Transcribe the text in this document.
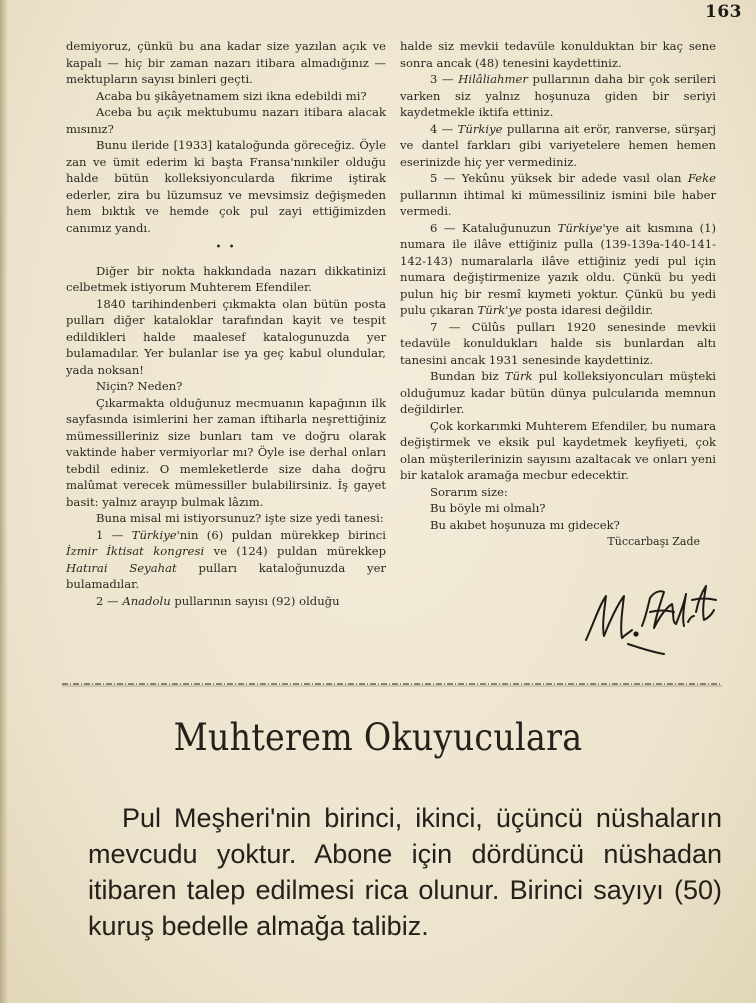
163

demiyoruz, çünkü bu ana kadar size yazılan açık ve kapalı — hiç bir zaman nazarı itibara almadığınız — mektupların sayısı binleri geçti.

Acaba bu şikâyetnamem sizi ikna edebildi mi?

Aceba bu açık mektubumu nazarı itibara alacak mısınız?

Bunu ileride [1933] kataloğunda göreceğiz. Öyle zan ve ümit ederim ki başta Fransa'nınkiler olduğu halde bütün kolleksiyoncularda fikrime iştirak ederler, zira bu lüzumsuz ve mevsimsiz değişmeden hem bıktık ve hemde çok pul zayi ettiğimizden canımız yandı.

• •

Diğer bir nokta hakkındada nazarı dikkatinizi celbetmek istiyorum Muhterem Efendiler.

1840 tarihindenberi çıkmakta olan bütün posta pulları diğer kataloklar tarafından kayit ve tespit edildikleri halde maalesef katalogunuzda yer bulamadılar. Yer bulanlar ise ya geç kabul olundular, yada noksan!

Niçin? Neden?

Çıkarmakta olduğunuz mecmuanın kapağının ilk sayfasında isimlerini her zaman iftiharla neşrettiğiniz mümessilleriniz size bunları tam ve doğru olarak vaktinde haber vermiyorlar mı? Öyle ise derhal onları tebdil ediniz. O memleketlerde size daha doğru malûmat verecek mümessiller bulabilirsiniz. İş gayet basit: yalnız arayıp bulmak lâzım.

Buna misal mi istiyorsunuz? işte size yedi tanesi:

1 — Türkiye'nin (6) puldan mürekkep birinci İzmir İktisat kongresi ve (124) puldan mürekkep Hatırai Seyahat pulları kataloğunuzda yer bulamadılar.

2 — Anadolu pullarının sayısı (92) olduğu

halde siz mevkii tedavüle konulduktan bir kaç sene sonra ancak (48) tenesini kaydettiniz.

3 — Hilâliahmer pullarının daha bir çok serileri varken siz yalnız hoşunuza giden bir seriyi kaydetmekle iktifa ettiniz.

4 — Türkiye pullarına ait erör, ranverse, sürşarj ve dantel farkları gibi variyetelere hemen hemen eserinizde hiç yer vermediniz.

5 — Yekûnu yüksek bir adede vasıl olan Feke pullarının ihtimal ki mümessiliniz ismini bile haber vermedi.

6 — Kataluğunuzun Türkiye'ye ait kısmına (1) numara ile ilâve ettiğiniz pulla (139-139a-140-141-142-143) numaralarla ilâve ettiğiniz yedi pul için numara değiştirmenize yazık oldu. Çünkü bu yedi pulun hiç bir resmî kıymeti yoktur. Çünkü bu yedi pulu çıkaran Türk'ye posta idaresi değildir.

7 — Cülûs pulları 1920 senesinde mevkii tedavüle konuldukları halde sis bunlardan altı tanesini ancak 1931 senesinde kaydettiniz.

Bundan biz Türk pul kolleksiyoncuları müşteki olduğumuz kadar bütün dünya pulcularıda memnun değildirler.

Çok korkarımki Muhterem Efendiler, bu numara değiştirmek ve eksik pul kaydetmek keyfiyeti, çok olan müşterilerinizin sayısını azaltacak ve onları yeni bir katalok aramağa mecbur edecektir.

Sorarım size:

Bu böyle mi olmalı?

Bu akıbet hoşunuza mı gidecek?

Tüccarbaşı Zade
Muhterem Okuyuculara
Pul Meşheri'nin birinci, ikinci, üçüncü nüshaların mevcudu yoktur. Abone için dördüncü nüshadan itibaren talep edilmesi rica olunur. Birinci sayıyı (50) kuruş bedelle almağa talibiz.
